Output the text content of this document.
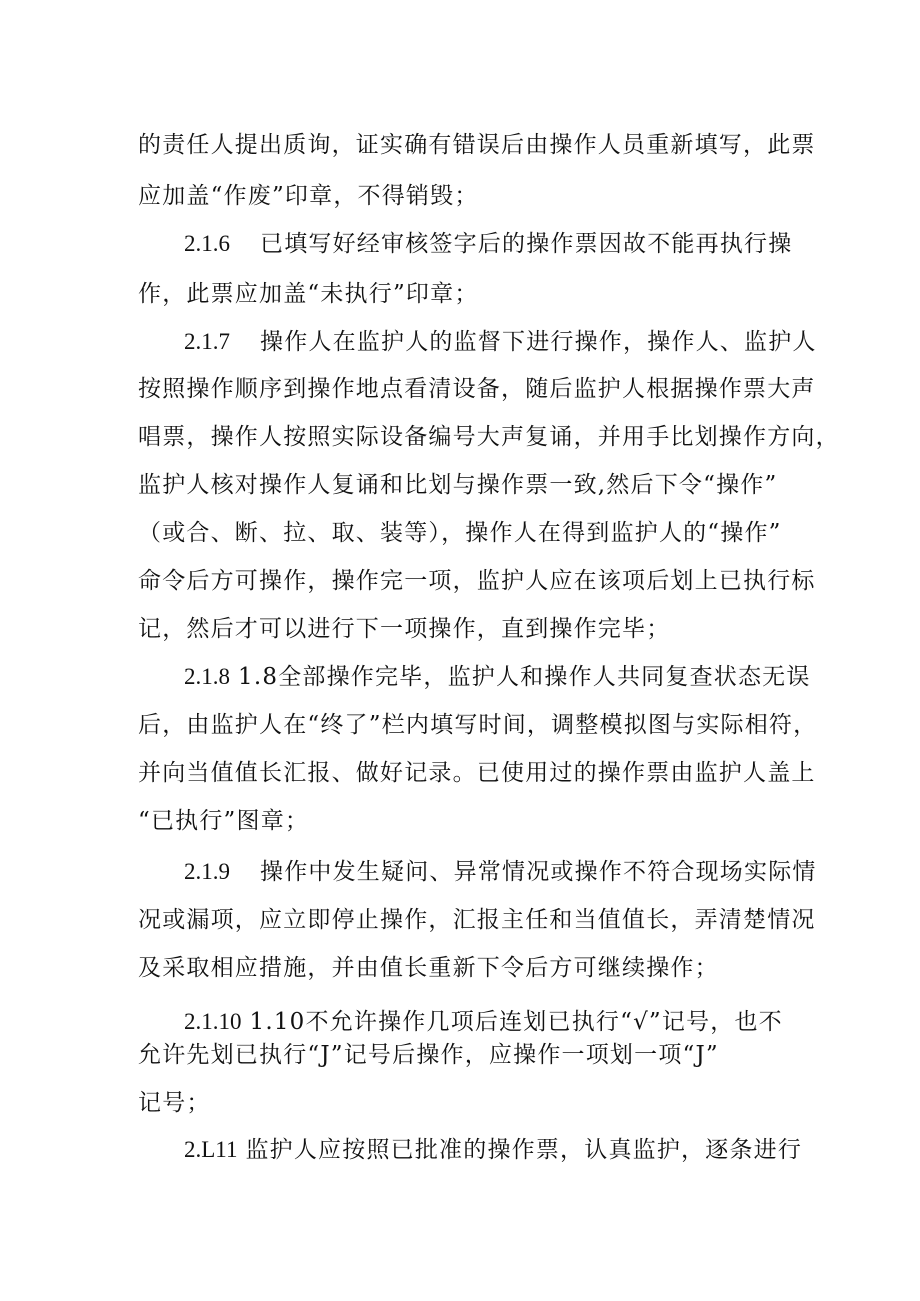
的责任人提出质询，证实确有错误后由操作人员重新填写，此票
应加盖“作废”印章，不得销毁；
2.1.6 已填写好经审核签字后的操作票因故不能再执行操
作，此票应加盖“未执行”印章；
2.1.7 操作人在监护人的监督下进行操作，操作人、监护人
按照操作顺序到操作地点看清设备，随后监护人根据操作票大声
唱票，操作人按照实际设备编号大声复诵，并用手比划操作方向，
监护人核对操作人复诵和比划与操作票一致,然后下令“操作”
（或合、断、拉、取、装等），操作人在得到监护人的“操作”
命令后方可操作，操作完一项，监护人应在该项后划上已执行标
记，然后才可以进行下一项操作，直到操作完毕；
2.1.8 1.8全部操作完毕，监护人和操作人共同复查状态无误
后，由监护人在“终了”栏内填写时间，调整模拟图与实际相符，
并向当值值长汇报、做好记录。已使用过的操作票由监护人盖上
“已执行”图章；
2.1.9 操作中发生疑问、异常情况或操作不符合现场实际情
况或漏项，应立即停止操作，汇报主任和当值值长，弄清楚情况
及采取相应措施，并由值长重新下令后方可继续操作；
2.1.10 1.10不允许操作几项后连划已执行“√”记号，也不
允许先划已执行“J”记号后操作，应操作一项划一项“J”
记号；
2.L11 监护人应按照已批准的操作票，认真监护，逐条进行
